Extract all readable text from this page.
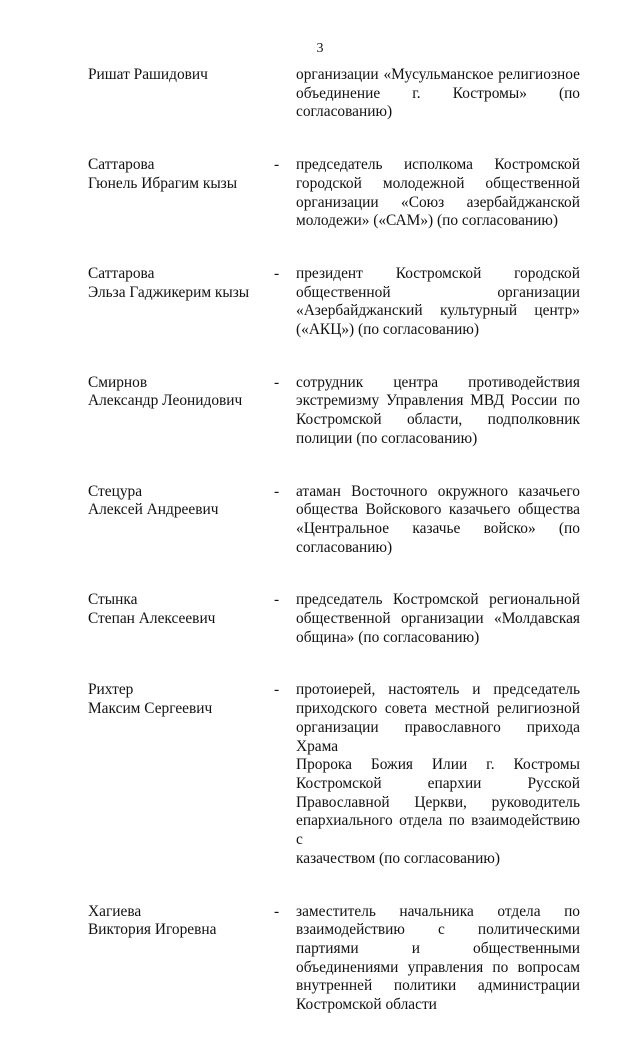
3
Ришат Рашидович	организации «Мусульманское религиозное
объединение г. Костромы» (по
согласованию)
Саттарова
Гюнель Ибрагим кызы
- председатель исполкома Костромской
городской молодежной общественной
организации «Союз азербайджанской
молодежи» («САМ») (по согласованию)
Саттарова
Эльза Гаджикерим кызы
- президент Костромской городской
общественной организации
«Азербайджанский культурный центр»
(«АКЦ») (по согласованию)
Смирнов
Александр Леонидович
- сотрудник центра противодействия
экстремизму Управления МВД России по
Костромской области, подполковник
полиции (по согласованию)
Стецура
Алексей Андреевич
- атаман Восточного окружного казачьего
общества Войскового казачьего общества
«Центральное казачье войско» (по
согласованию)
Стынка
Степан Алексеевич
- председатель Костромской региональной
общественной организации «Молдавская
община» (по согласованию)
Рихтер
Максим Сергеевич
- протоиерей, настоятель и председатель
приходского совета местной религиозной
организации православного прихода Храма
Пророка Божия Илии г. Костромы
Костромской епархии Русской
Православной Церкви, руководитель
епархиального отдела по взаимодействию с
казачеством (по согласованию)
Хагиева
Виктория Игоревна
- заместитель начальника отдела по
взаимодействию с политическими
партиями и общественными
объединениями управления по вопросам
внутренней политики администрации
Костромской области
